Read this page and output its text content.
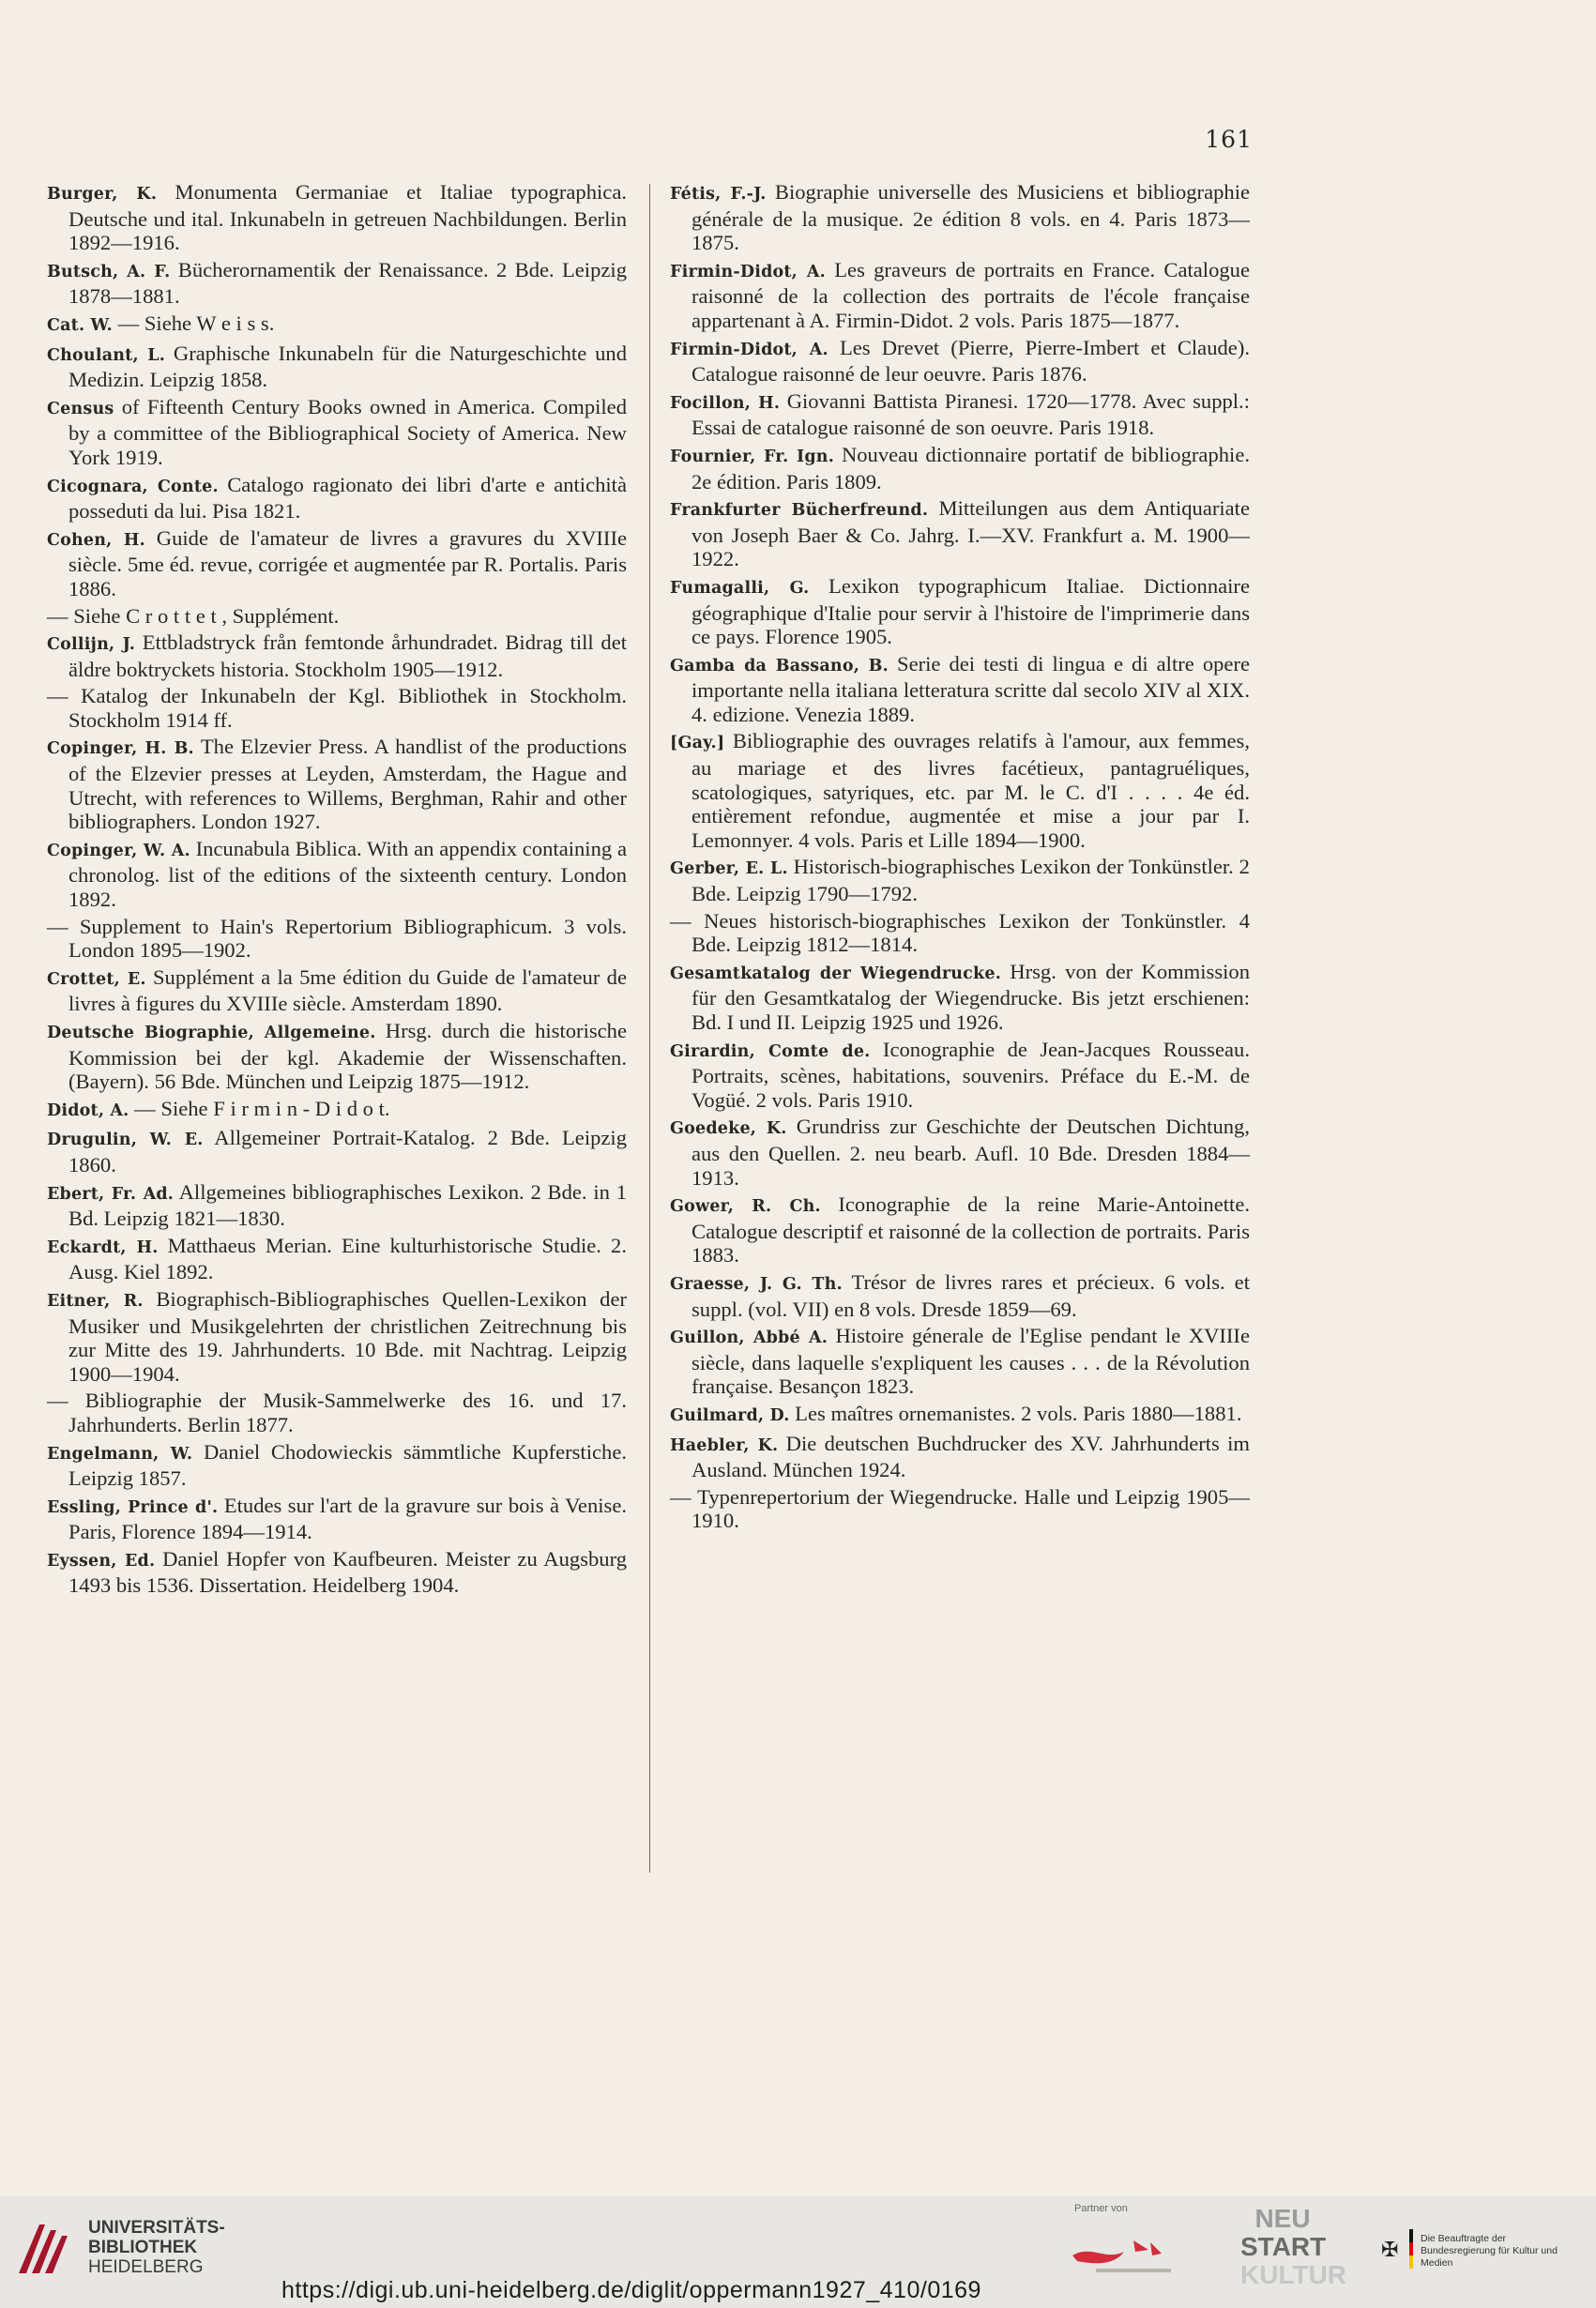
161
Burger, K. Monumenta Germaniae et Italiae typographica. Deutsche und ital. Inkunabeln in getreuen Nachbildungen. Berlin 1892—1916.
Butsch, A. F. Bücherornamentik der Renaissance. 2 Bde. Leipzig 1878—1881.
Cat. W. — Siehe W e i s s.
Choulant, L. Graphische Inkunabeln für die Naturgeschichte und Medizin. Leipzig 1858.
Census of Fifteenth Century Books owned in America. Compiled by a committee of the Bibliographical Society of America. New York 1919.
Cicognara, Conte. Catalogo ragionato dei libri d'arte e antichità posseduti da lui. Pisa 1821.
Cohen, H. Guide de l'amateur de livres a gravures du XVIIIe siècle. 5me éd. revue, corrigée et augmentée par R. Portalis. Paris 1886.
— Siehe C r o t t e t , Supplément.
Collijn, J. Ettbladstryck från femtonde århundradet. Bidrag till det äldre boktryckets historia. Stockholm 1905—1912.
— Katalog der Inkunabeln der Kgl. Bibliothek in Stockholm. Stockholm 1914 ff.
Copinger, H. B. The Elzevier Press. A handlist of the productions of the Elzevier presses at Leyden, Amsterdam, the Hague and Utrecht, with references to Willems, Berghman, Rahir and other bibliographers. London 1927.
Copinger, W. A. Incunabula Biblica. With an appendix containing a chronolog. list of the editions of the sixteenth century. London 1892.
— Supplement to Hain's Repertorium Bibliographicum. 3 vols. London 1895—1902.
Crottet, E. Supplément a la 5me édition du Guide de l'amateur de livres à figures du XVIIIe siècle. Amsterdam 1890.
Deutsche Biographie, Allgemeine. Hrsg. durch die historische Kommission bei der kgl. Akademie der Wissenschaften. (Bayern). 56 Bde. München und Leipzig 1875—1912.
Didot, A. — Siehe F i r m i n - D i d o t.
Drugulin, W. E. Allgemeiner Portrait-Katalog. 2 Bde. Leipzig 1860.
Ebert, Fr. Ad. Allgemeines bibliographisches Lexikon. 2 Bde. in 1 Bd. Leipzig 1821—1830.
Eckardt, H. Matthaeus Merian. Eine kulturhistorische Studie. 2. Ausg. Kiel 1892.
Eitner, R. Biographisch-Bibliographisches Quellen-Lexikon der Musiker und Musikgelehrten der christlichen Zeitrechnung bis zur Mitte des 19. Jahrhunderts. 10 Bde. mit Nachtrag. Leipzig 1900—1904.
— Bibliographie der Musik-Sammelwerke des 16. und 17. Jahrhunderts. Berlin 1877.
Engelmann, W. Daniel Chodowieckis sämmtliche Kupferstiche. Leipzig 1857.
Essling, Prince d'. Etudes sur l'art de la gravure sur bois à Venise. Paris, Florence 1894—1914.
Eyssen, Ed. Daniel Hopfer von Kaufbeuren. Meister zu Augsburg 1493 bis 1536. Dissertation. Heidelberg 1904.
Fétis, F.-J. Biographie universelle des Musiciens et bibliographie générale de la musique. 2e édition 8 vols. en 4. Paris 1873—1875.
Firmin-Didot, A. Les graveurs de portraits en France. Catalogue raisonné de la collection des portraits de l'école française appartenant à A. Firmin-Didot. 2 vols. Paris 1875—1877.
Firmin-Didot, A. Les Drevet (Pierre, Pierre-Imbert et Claude). Catalogue raisonné de leur oeuvre. Paris 1876.
Focillon, H. Giovanni Battista Piranesi. 1720—1778. Avec suppl.: Essai de catalogue raisonné de son oeuvre. Paris 1918.
Fournier, Fr. Ign. Nouveau dictionnaire portatif de bibliographie. 2e édition. Paris 1809.
Frankfurter Bücherfreund. Mitteilungen aus dem Antiquariate von Joseph Baer & Co. Jahrg. I.—XV. Frankfurt a. M. 1900—1922.
Fumagalli, G. Lexikon typographicum Italiae. Dictionnaire géographique d'Italie pour servir à l'histoire de l'imprimerie dans ce pays. Florence 1905.
Gamba da Bassano, B. Serie dei testi di lingua e di altre opere importante nella italiana letteratura scritte dal secolo XIV al XIX. 4. edizione. Venezia 1889.
[Gay.] Bibliographie des ouvrages relatifs à l'amour, aux femmes, au mariage et des livres facétieux, pantagruéliques, scatologiques, satyriques, etc. par M. le C. d'I . . . . 4e éd. entièrement refondue, augmentée et mise a jour par I. Lemonnyer. 4 vols. Paris et Lille 1894—1900.
Gerber, E. L. Historisch-biographisches Lexikon der Tonkünstler. 2 Bde. Leipzig 1790—1792.
— Neues historisch-biographisches Lexikon der Tonkünstler. 4 Bde. Leipzig 1812—1814.
Gesamtkatalog der Wiegendrucke. Hrsg. von der Kommission für den Gesamtkatalog der Wiegendrucke. Bis jetzt erschienen: Bd. I und II. Leipzig 1925 und 1926.
Girardin, Comte de. Iconographie de Jean-Jacques Rousseau. Portraits, scènes, habitations, souvenirs. Préface du E.-M. de Vogüé. 2 vols. Paris 1910.
Goedeke, K. Grundriss zur Geschichte der Deutschen Dichtung, aus den Quellen. 2. neu bearb. Aufl. 10 Bde. Dresden 1884—1913.
Gower, R. Ch. Iconographie de la reine Marie-Antoinette. Catalogue descriptif et raisonné de la collection de portraits. Paris 1883.
Graesse, J. G. Th. Trésor de livres rares et précieux. 6 vols. et suppl. (vol. VII) en 8 vols. Dresde 1859—69.
Guillon, Abbé A. Histoire génerale de l'Eglise pendant le XVIIIe siècle, dans laquelle s'expliquent les causes . . . de la Révolution française. Besançon 1823.
Guilmard, D. Les maîtres ornemanistes. 2 vols. Paris 1880—1881.
Haebler, K. Die deutschen Buchdrucker des XV. Jahrhunderts im Ausland. München 1924.
— Typenrepertorium der Wiegendrucke. Halle und Leipzig 1905—1910.
UNIVERSITÄTS-
BIBLIOTHEK
HEIDELBERG
Partner von	NEU
START
KULTUR
✠ Die Beauftragte der Bundesregierung für Kultur und Medien
https://digi.ub.uni-heidelberg.de/diglit/oppermann1927_410/0169
